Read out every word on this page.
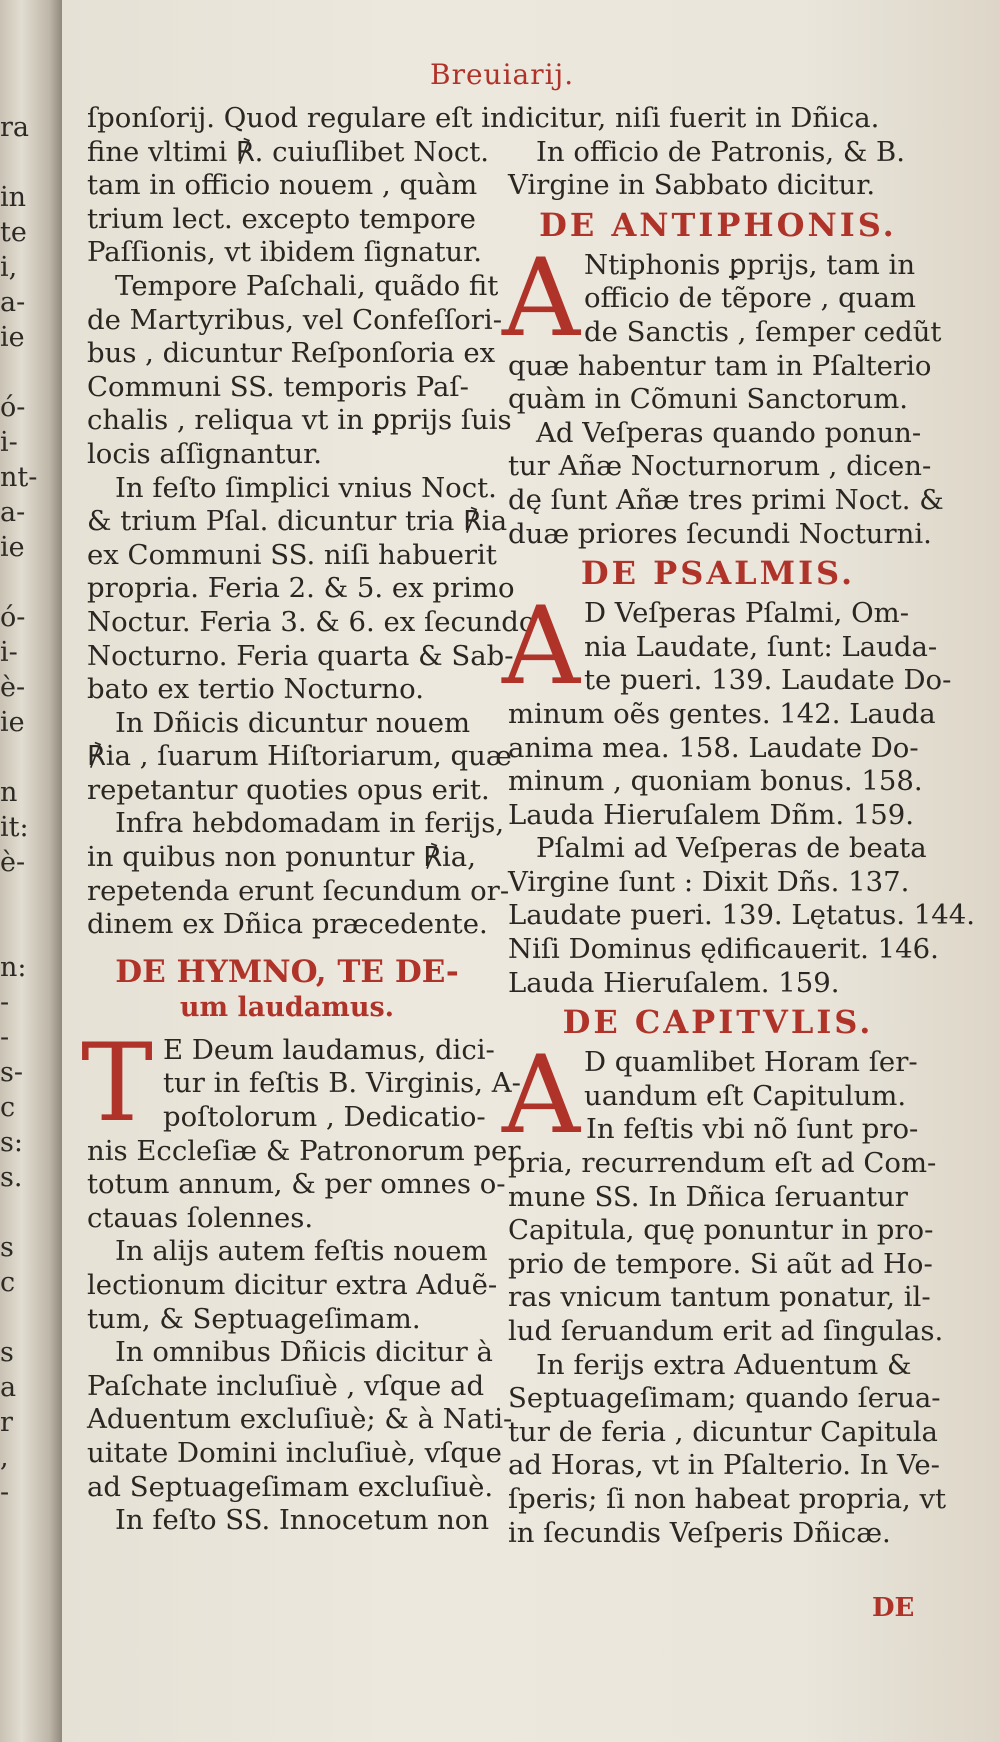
ra
in
te
i,
a-
ie
ó-
i-
nt-
a-
ie
ó-
i-
è-
ie
n
it:
è-
n:
-
-
s-
c
s:
s.
s
c
s
a
r
,
-
Breuiarij.
ſponſorij. Quod regulare eſt in
fine vltimi ℟. cuiuſlibet Noct.
tam in officio nouem , quàm
trium lect. excepto tempore
Paſſionis, vt ibidem ſignatur.
Tempore Paſchali, quãdo fit
de Martyribus, vel Confeſſori-
bus , dicuntur Reſponſoria ex
Communi SS. temporis Paſ-
chalis , reliqua vt in ꝑprijs ſuis
locis aſſignantur.
In feſto ſimplici vnius Noct.
& trium Pſal. dicuntur tria ℟ia
ex Communi SS. niſi habuerit
propria. Feria 2. & 5. ex primo
Noctur. Feria 3. & 6. ex ſecundo
Nocturno. Feria quarta & Sab-
bato ex tertio Nocturno.
In Dñicis dicuntur nouem
℟ia , ſuarum Hiſtoriarum, quæ
repetantur quoties opus erit.
Infra hebdomadam in ferijs,
in quibus non ponuntur ℟ia,
repetenda erunt ſecundum or-
dinem ex Dñica præcedente.
DE HYMNO, TE DE-
um laudamus.
T E Deum laudamus, dici-
tur in feſtis B. Virginis, A-
poſtolorum , Dedicatio-
nis Eccleſiæ & Patronorum per
totum annum, & per omnes o-
ctauas ſolennes.
In alijs autem feſtis nouem
lectionum dicitur extra Aduẽ-
tum, & Septuageſimam.
In omnibus Dñicis dicitur à
Paſchate incluſiuè , vſque ad
Aduentum excluſiuè; & à Nati-
uitate Domini incluſiuè, vſque
ad Septuageſimam excluſiuè.
In feſto SS. Innocetum non
dicitur, niſi fuerit in Dñica.
In officio de Patronis, & B.
Virgine in Sabbato dicitur.
DE ANTIPHONIS.
A Ntiphonis ꝑprijs, tam in
officio de tẽpore , quam
de Sanctis , ſemper cedũt
quæ habentur tam in Pſalterio
quàm in Cõmuni Sanctorum.
Ad Veſperas quando ponun-
tur Añæ Nocturnorum , dicen-
dę ſunt Añæ tres primi Noct. &
duæ priores ſecundi Nocturni.
DE PSALMIS.
A D Veſperas Pſalmi, Om-
nia Laudate, ſunt: Lauda-
te pueri. 139. Laudate Do-
minum oẽs gentes. 142. Lauda
anima mea. 158. Laudate Do-
minum , quoniam bonus. 158.
Lauda Hieruſalem Dñm. 159.
Pſalmi ad Veſperas de beata
Virgine ſunt : Dixit Dñs. 137.
Laudate pueri. 139. Lętatus. 144.
Niſi Dominus ędificauerit. 146.
Lauda Hieruſalem. 159.
DE CAPITVLIS.
A D quamlibet Horam ſer-
uandum eſt Capitulum.
In feſtis vbi nõ ſunt pro-
pria, recurrendum eſt ad Com-
mune SS. In Dñica ſeruantur
Capitula, quę ponuntur in pro-
prio de tempore. Si aũt ad Ho-
ras vnicum tantum ponatur, il-
lud ſeruandum erit ad ſingulas.
In ferijs extra Aduentum &
Septuageſimam; quando ſerua-
tur de feria , dicuntur Capitula
ad Horas, vt in Pſalterio. In Ve-
ſperis; ſi non habeat propria, vt
in ſecundis Veſperis Dñicæ.
DE
